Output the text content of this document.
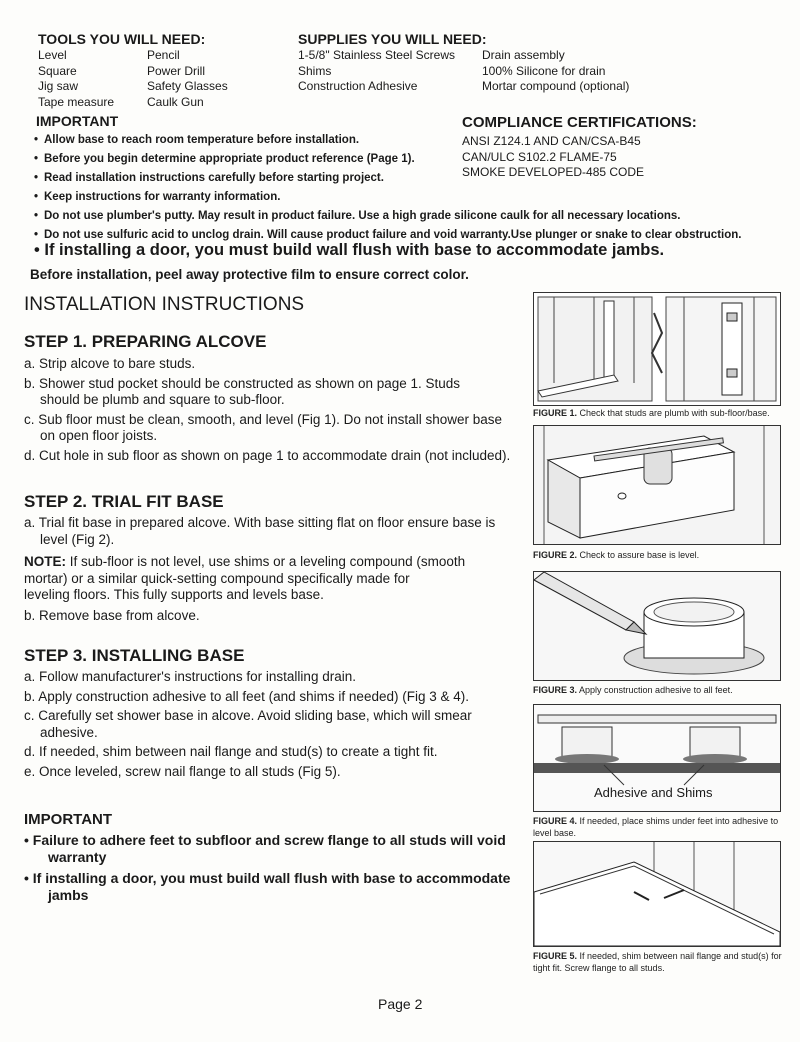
TOOLS YOU WILL NEED:
Level
Square
Jig saw
Tape measure
Pencil
Power Drill
Safety Glasses
Caulk Gun
SUPPLIES YOU WILL NEED:
1-5/8" Stainless Steel Screws
Shims
Construction Adhesive
Drain assembly
100% Silicone for drain
Mortar compound (optional)
IMPORTANT
• Allow base to reach room temperature before installation.
• Before you begin determine appropriate product reference (Page 1).
• Read installation instructions carefully before starting project.
• Keep instructions for warranty information.
• Do not use plumber's putty. May result in product failure. Use a high grade silicone caulk for all necessary locations.
• Do not use sulfuric acid to unclog drain. Will cause product failure and void warranty.Use plunger or snake to clear obstruction.
• If installing a door, you must build wall flush with base to accommodate jambs.
Before installation, peel away protective film to ensure correct color.
COMPLIANCE CERTIFICATIONS:
ANSI Z124.1 AND CAN/CSA-B45
CAN/ULC S102.2 FLAME-75
SMOKE DEVELOPED-485 CODE
INSTALLATION INSTRUCTIONS
STEP 1. PREPARING ALCOVE
a. Strip alcove to bare studs.
b. Shower stud pocket should be constructed as shown on page 1. Studs
should be plumb and square to sub-floor.
c. Sub floor must be clean, smooth, and level (Fig 1). Do not install shower base
on open floor joists.
d. Cut hole in sub floor as shown on page 1 to accommodate drain (not included).
STEP 2. TRIAL FIT BASE
a. Trial fit base in prepared alcove. With base sitting flat on floor ensure base is
level (Fig 2).
NOTE: If sub-floor is not level, use shims or a leveling compound (smooth
mortar) or a similar quick-setting compound specifically made for
leveling floors. This fully supports and levels base.
b. Remove base from alcove.
STEP 3. INSTALLING BASE
a. Follow manufacturer's instructions for installing drain.
b. Apply construction adhesive to all feet (and shims if needed) (Fig 3 & 4).
c. Carefully set shower base in alcove. Avoid sliding base, which will smear
adhesive.
d. If needed, shim between nail flange and stud(s) to create a tight fit.
e. Once leveled, screw nail flange to all studs (Fig 5).
IMPORTANT
• Failure to adhere feet to subfloor and screw flange to all studs will void
warranty
• If installing a door, you must build wall flush with base to accommodate
jambs
FIGURE 1. Check that studs are plumb with sub-floor/base.
FIGURE 2. Check to assure base is level.
FIGURE 3. Apply construction adhesive to all feet.
Adhesive and Shims
FIGURE 4. If needed, place shims under feet into adhesive to level base.
FIGURE 5. If needed, shim between nail flange and stud(s) for tight fit. Screw flange to all studs.
Page 2
